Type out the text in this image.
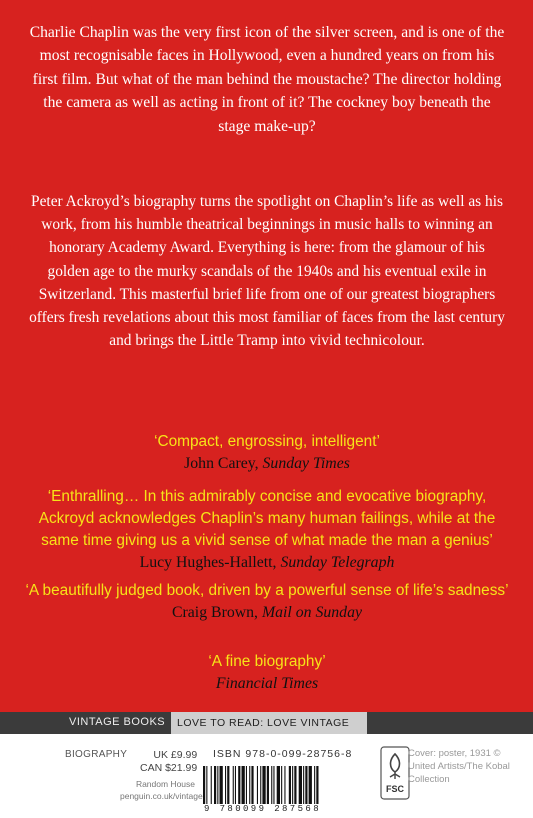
Charlie Chaplin was the very first icon of the silver screen, and is one of the most recognisable faces in Hollywood, even a hundred years on from his first film. But what of the man behind the moustache? The director holding the camera as well as acting in front of it? The cockney boy beneath the stage make-up?

Peter Ackroyd’s biography turns the spotlight on Chaplin’s life as well as his work, from his humble theatrical beginnings in music halls to winning an honorary Academy Award. Everything is here: from the glamour of his golden age to the murky scandals of the 1940s and his eventual exile in Switzerland. This masterful brief life from one of our greatest biographers offers fresh revelations about this most familiar of faces from the last century and brings the Little Tramp into vivid technicolour.

‘Compact, engrossing, intelligent’
John Carey, Sunday Times
‘Enthralling… In this admirably concise and evocative biography, Ackroyd acknowledges Chaplin’s many human failings, while at the same time giving us a vivid sense of what made the man a genius’
Lucy Hughes-Hallett, Sunday Telegraph
‘A beautifully judged book, driven by a powerful sense of life’s sadness’
Craig Brown, Mail on Sunday
‘A fine biography’
Financial Times
VINTAGE BOOKS	LOVE TO READ: LOVE VINTAGE
BIOGRAPHY	UK £9.99
CAN $21.99
Random House
penguin.co.uk/vintage
ISBN 978-0-099-28756-8
9 780099 287568
FSC
Cover: poster, 1931 ©
United Artists/The Kobal
Collection
